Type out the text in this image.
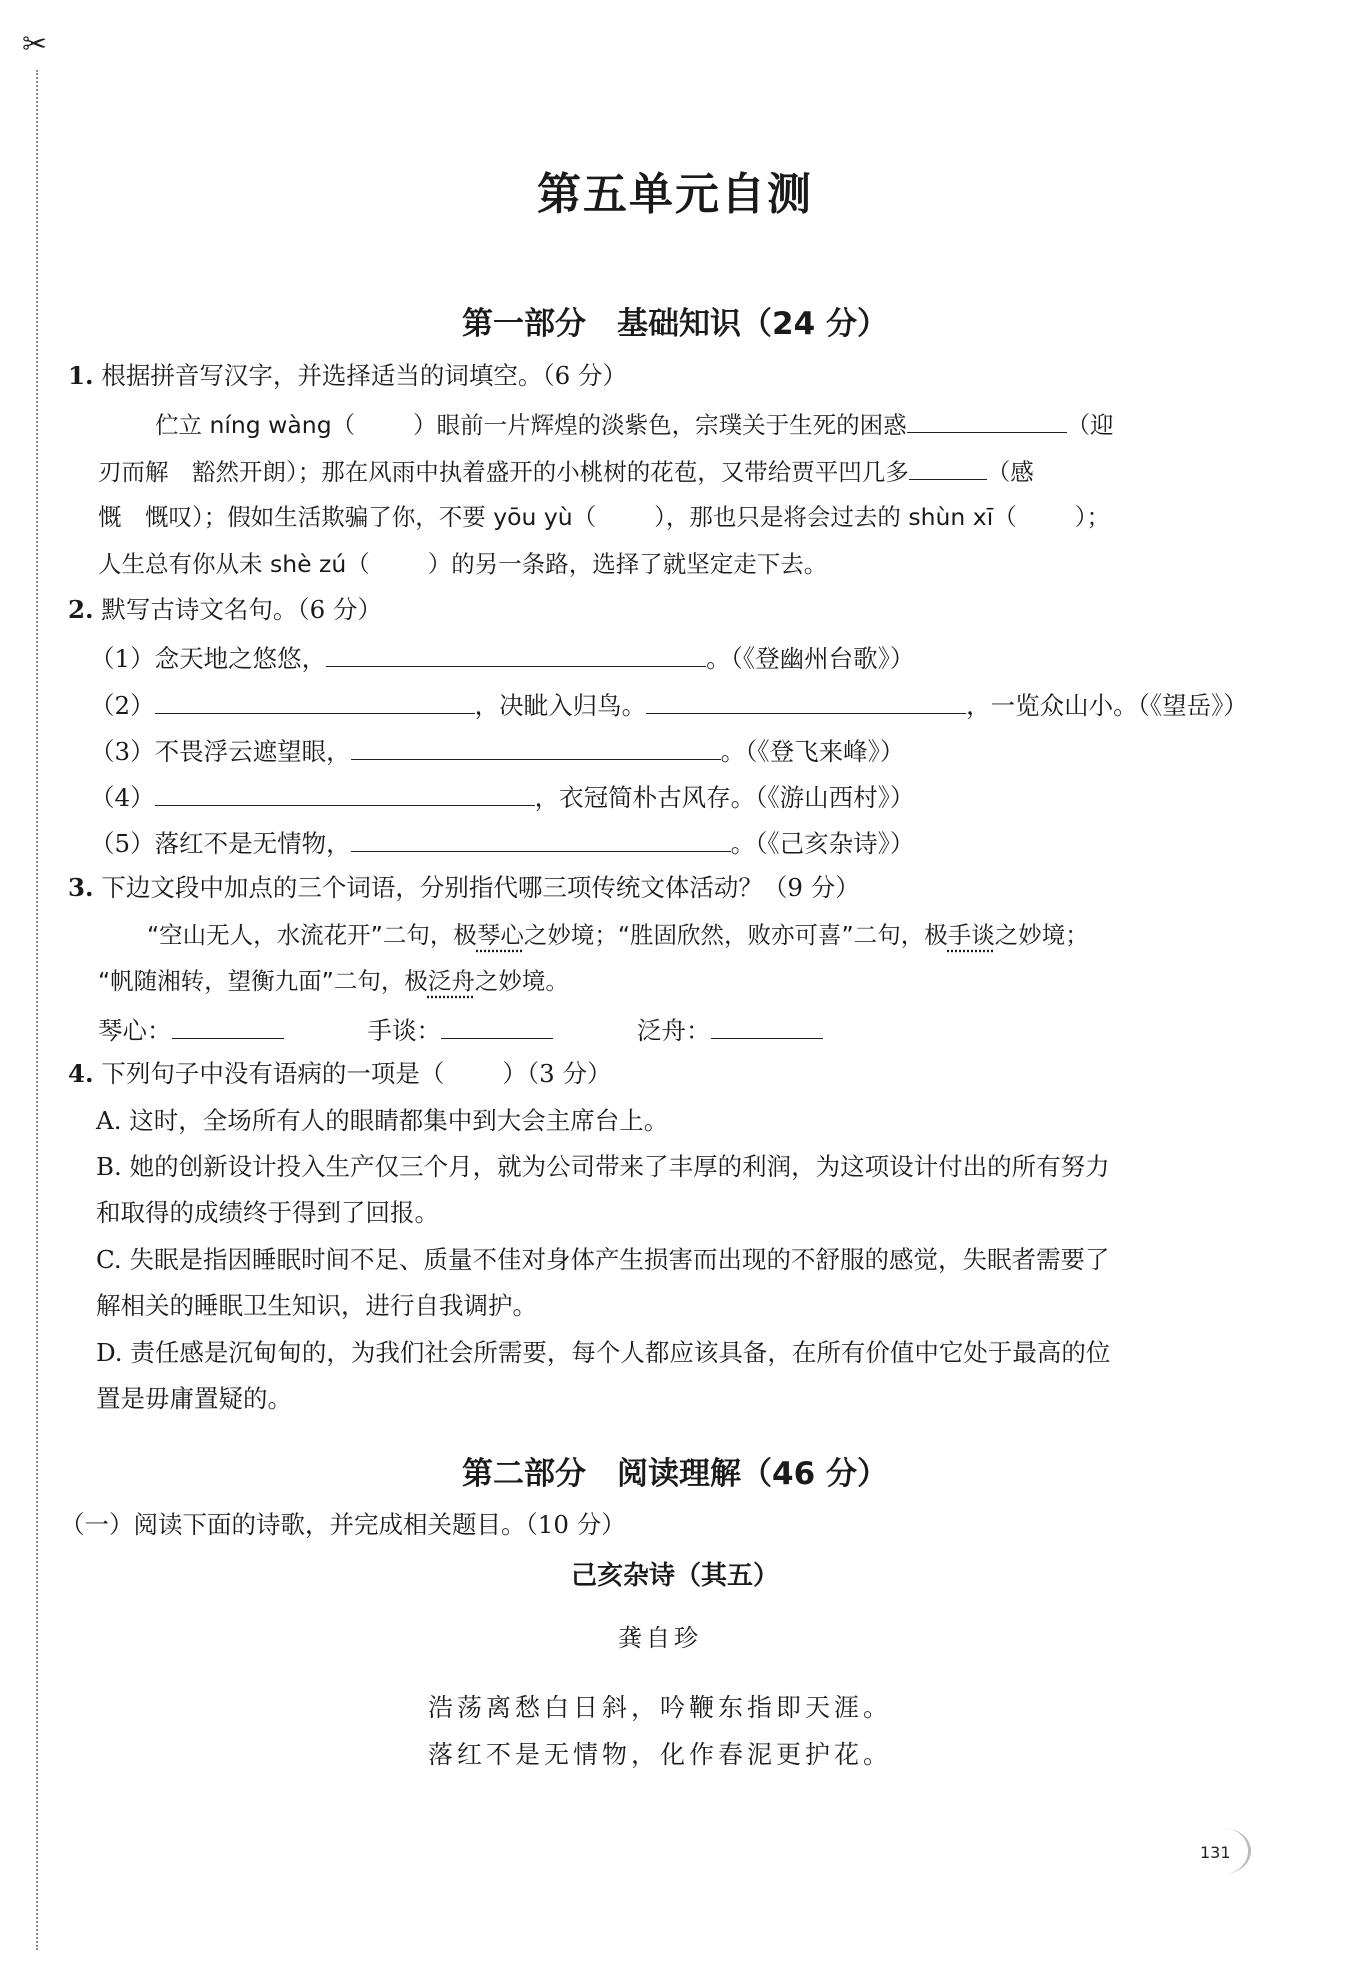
✂
第五单元自测
第一部分　基础知识（24 分）
1. 根据拼音写汉字，并选择适当的词填空。（6 分）
伫立 níng wàng（ ）眼前一片辉煌的淡紫色，宗璞关于生死的困惑	（迎
刃而解　豁然开朗）；那在风雨中执着盛开的小桃树的花苞，又带给贾平凹几多	（感
慨　慨叹）；假如生活欺骗了你，不要 yōu yù（ ），那也只是将会过去的 shùn xī（ ）；
人生总有你从未 shè zú（ ）的另一条路，选择了就坚定走下去。
2. 默写古诗文名句。（6 分）
（1）念天地之悠悠，	。（《登幽州台歌》）
（2）	，决眦入归鸟。	，一览众山小。（《望岳》）
（3）不畏浮云遮望眼，	。（《登飞来峰》）
（4）	，衣冠简朴古风存。（《游山西村》）
（5）落红不是无情物，	。（《己亥杂诗》）
3. 下边文段中加点的三个词语，分别指代哪三项传统文体活动？（9 分）
“空山无人，水流花开”二句，极琴心之妙境；“胜固欣然，败亦可喜”二句，极手谈之妙境；
“帆随湘转，望衡九面”二句，极泛舟之妙境。
琴心：	手谈：	泛舟：
4. 下列句子中没有语病的一项是（ ）（3 分）
A. 这时，全场所有人的眼睛都集中到大会主席台上。
B. 她的创新设计投入生产仅三个月，就为公司带来了丰厚的利润，为这项设计付出的所有努力
和取得的成绩终于得到了回报。
C. 失眠是指因睡眠时间不足、质量不佳对身体产生损害而出现的不舒服的感觉，失眠者需要了
解相关的睡眠卫生知识，进行自我调护。
D. 责任感是沉甸甸的，为我们社会所需要，每个人都应该具备，在所有价值中它处于最高的位
置是毋庸置疑的。
第二部分　阅读理解（46 分）
（一）阅读下面的诗歌，并完成相关题目。（10 分）
己亥杂诗（其五）
龚自珍
浩荡离愁白日斜，吟鞭东指即天涯。
落红不是无情物，化作春泥更护花。
131
